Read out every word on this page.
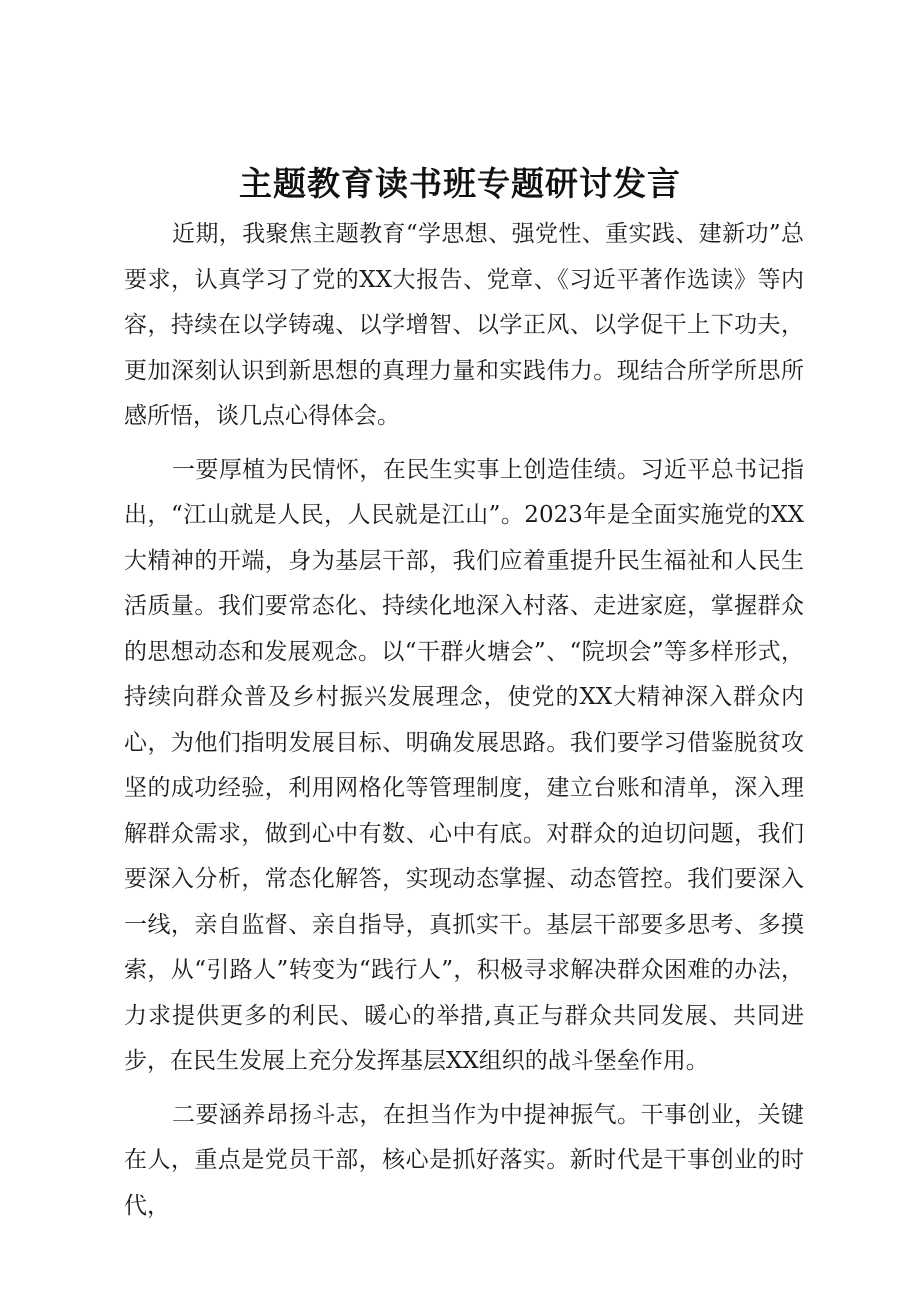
主题教育读书班专题研讨发言

近期，我聚焦主题教育“学思想、强党性、重实践、建新功”总要求，认真学习了党的XX大报告、党章、《习近平著作选读》等内容，持续在以学铸魂、以学增智、以学正风、以学促干上下功夫，更加深刻认识到新思想的真理力量和实践伟力。现结合所学所思所感所悟，谈几点心得体会。

一要厚植为民情怀，在民生实事上创造佳绩。习近平总书记指出，“江山就是人民，人民就是江山”。2023年是全面实施党的XX大精神的开端，身为基层干部，我们应着重提升民生福祉和人民生活质量。我们要常态化、持续化地深入村落、走进家庭，掌握群众的思想动态和发展观念。以“干群火塘会”、“院坝会”等多样形式，持续向群众普及乡村振兴发展理念，使党的XX大精神深入群众内心，为他们指明发展目标、明确发展思路。我们要学习借鉴脱贫攻坚的成功经验，利用网格化等管理制度，建立台账和清单，深入理解群众需求，做到心中有数、心中有底。对群众的迫切问题，我们要深入分析，常态化解答，实现动态掌握、动态管控。我们要深入一线，亲自监督、亲自指导，真抓实干。基层干部要多思考、多摸索，从“引路人”转变为“践行人”，积极寻求解决群众困难的办法，力求提供更多的利民、暖心的举措,真正与群众共同发展、共同进步，在民生发展上充分发挥基层XX组织的战斗堡垒作用。

二要涵养昂扬斗志，在担当作为中提神振气。干事创业，关键在人，重点是党员干部，核心是抓好落实。新时代是干事创业的时代，
